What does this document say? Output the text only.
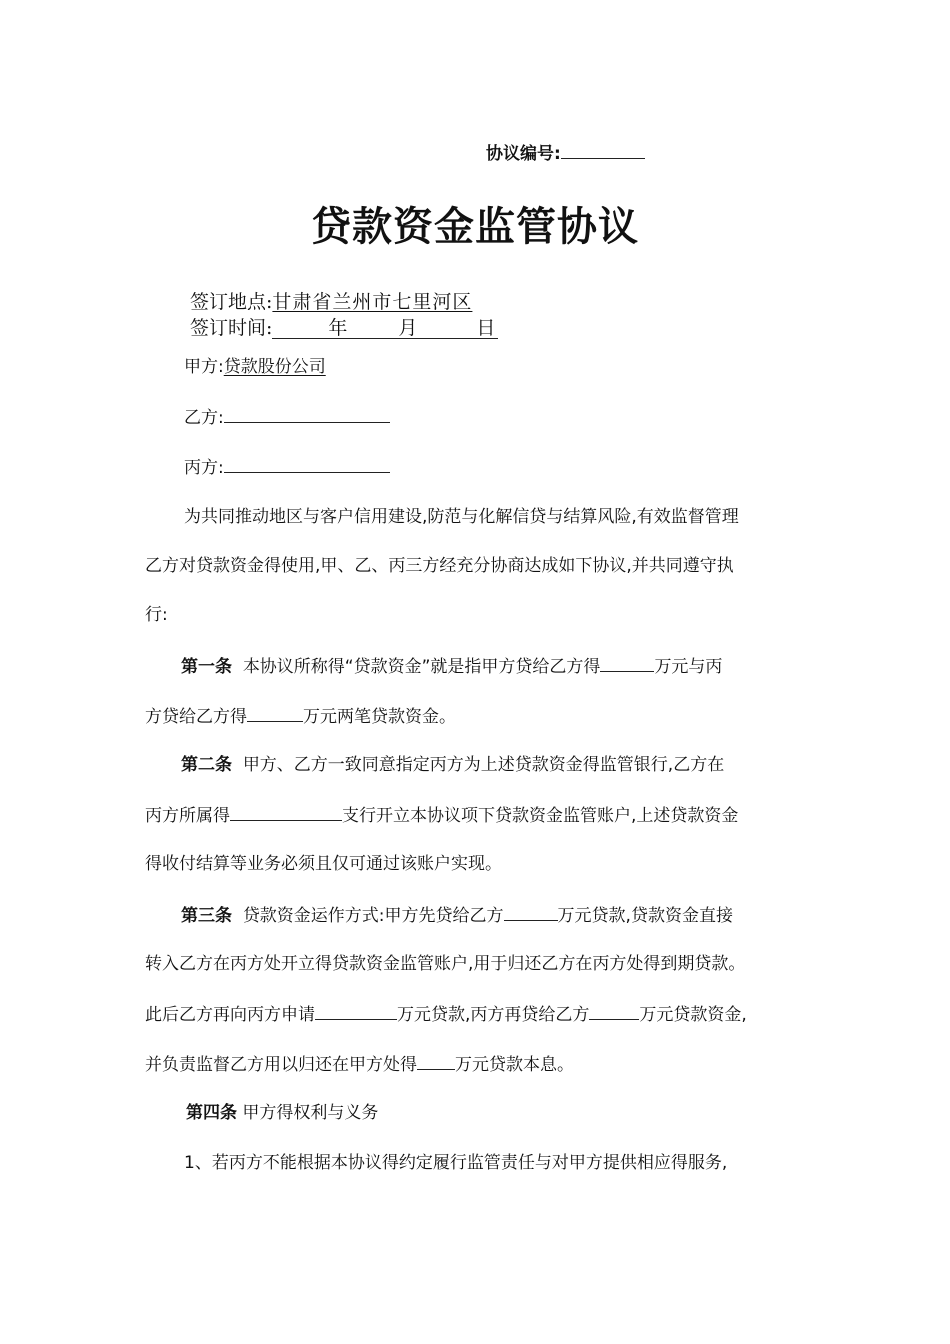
协议编号:
贷款资金监管协议
签订地点:甘肃省兰州市七里河区
签订时间:	年	月	日
甲方:贷款股份公司
乙方:
丙方:
为共同推动地区与客户信用建设,防范与化解信贷与结算风险,有效监督管理
乙方对贷款资金得使用,甲、乙、丙三方经充分协商达成如下协议,并共同遵守执
行:
第一条 本协议所称得“贷款资金”就是指甲方贷给乙方得	万元与丙
方贷给乙方得	万元两笔贷款资金。
第二条 甲方、乙方一致同意指定丙方为上述贷款资金得监管银行,乙方在
丙方所属得	支行开立本协议项下贷款资金监管账户,上述贷款资金
得收付结算等业务必须且仅可通过该账户实现。
第三条 贷款资金运作方式:甲方先贷给乙方	万元贷款,贷款资金直接
转入乙方在丙方处开立得贷款资金监管账户,用于归还乙方在丙方处得到期贷款。
此后乙方再向丙方申请	万元贷款,丙方再贷给乙方	万元贷款资金,
并负责监督乙方用以归还在甲方处得 万元贷款本息。
第四条 甲方得权利与义务
1、若丙方不能根据本协议得约定履行监管责任与对甲方提供相应得服务,
